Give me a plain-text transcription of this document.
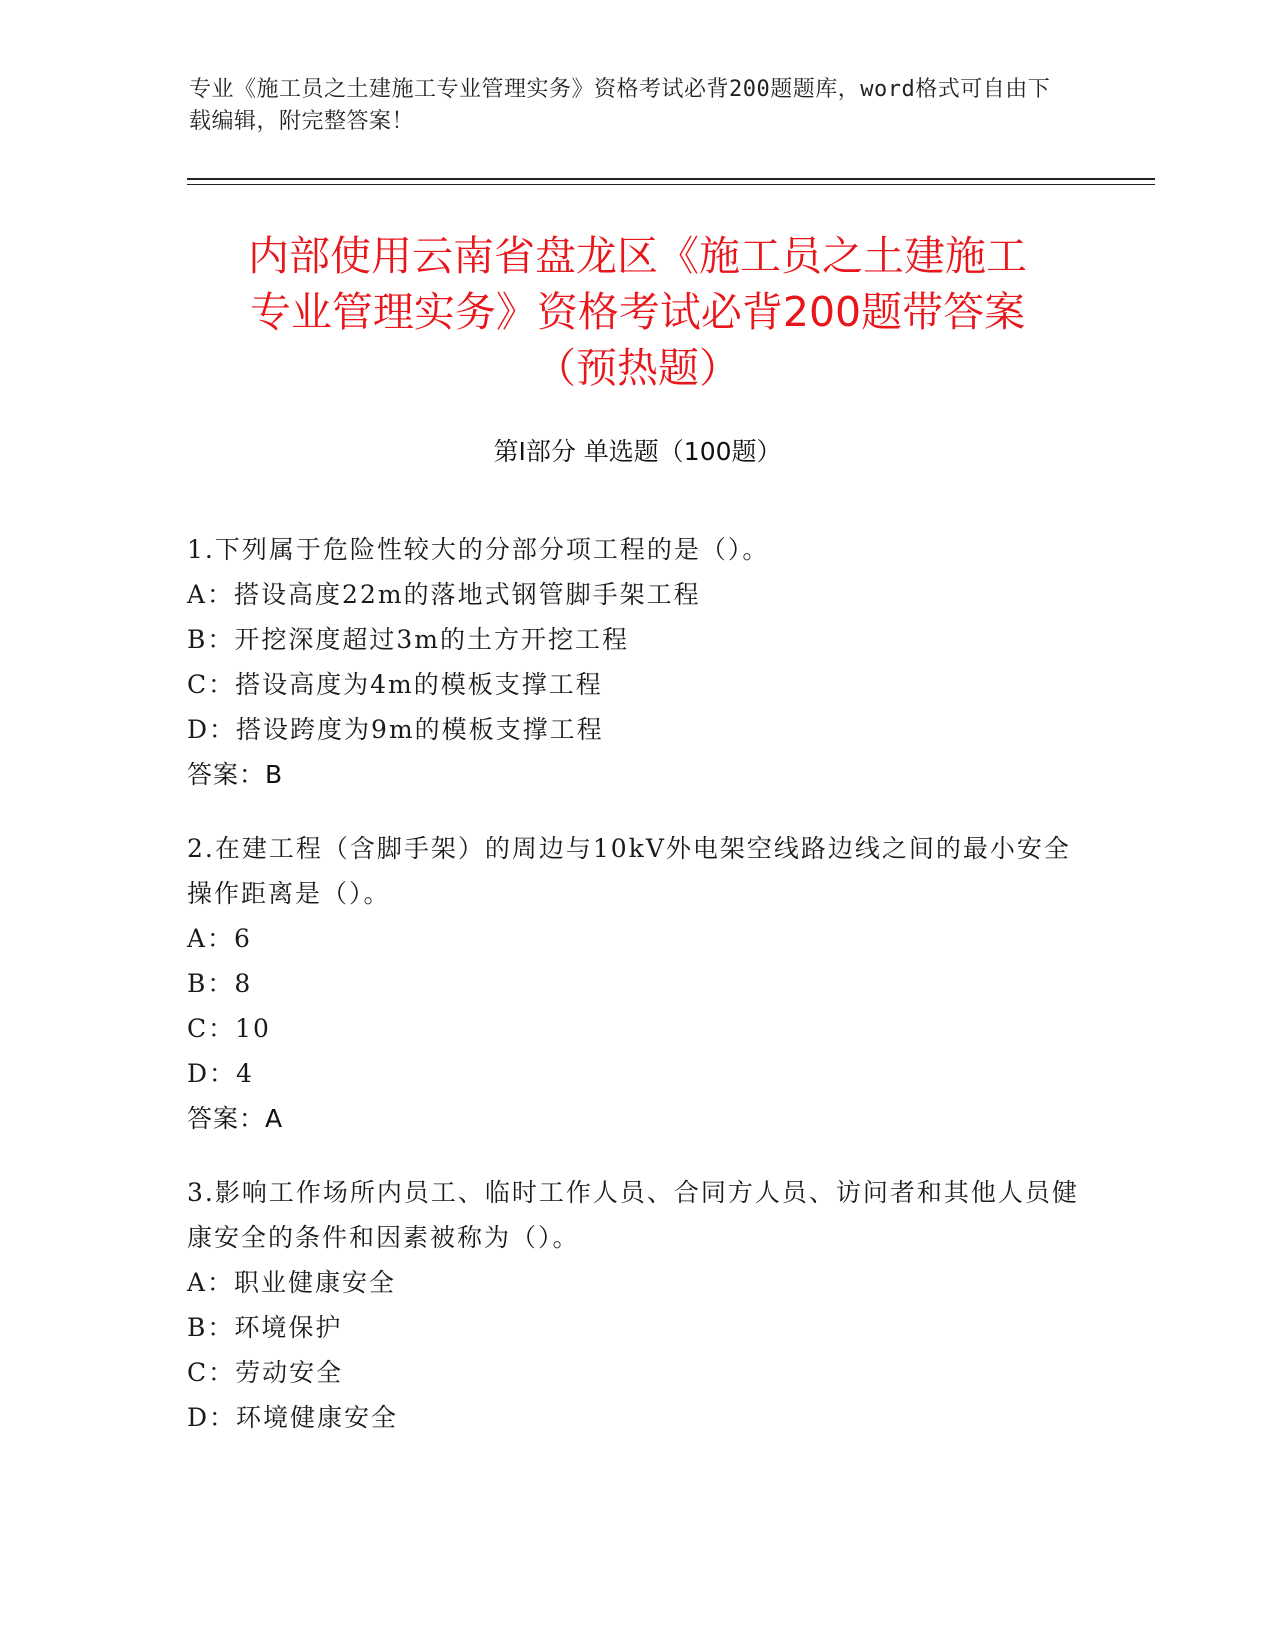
专业《施工员之土建施工专业管理实务》资格考试必背200题题库，word格式可自由下载编辑，附完整答案！
内部使用云南省盘龙区《施工员之土建施工
专业管理实务》资格考试必背200题带答案
（预热题）
第Ⅰ部分 单选题（100题）
1.下列属于危险性较大的分部分项工程的是（）。
A：搭设高度22m的落地式钢管脚手架工程
B：开挖深度超过3m的土方开挖工程
C：搭设高度为4m的模板支撑工程
D：搭设跨度为9m的模板支撑工程
答案：B
2.在建工程（含脚手架）的周边与10kV外电架空线路边线之间的最小安全操作距离是（）。
A：6
B：8
C：10
D：4
答案：A
3.影响工作场所内员工、临时工作人员、合同方人员、访问者和其他人员健康安全的条件和因素被称为（）。
A：职业健康安全
B：环境保护
C：劳动安全
D：环境健康安全
